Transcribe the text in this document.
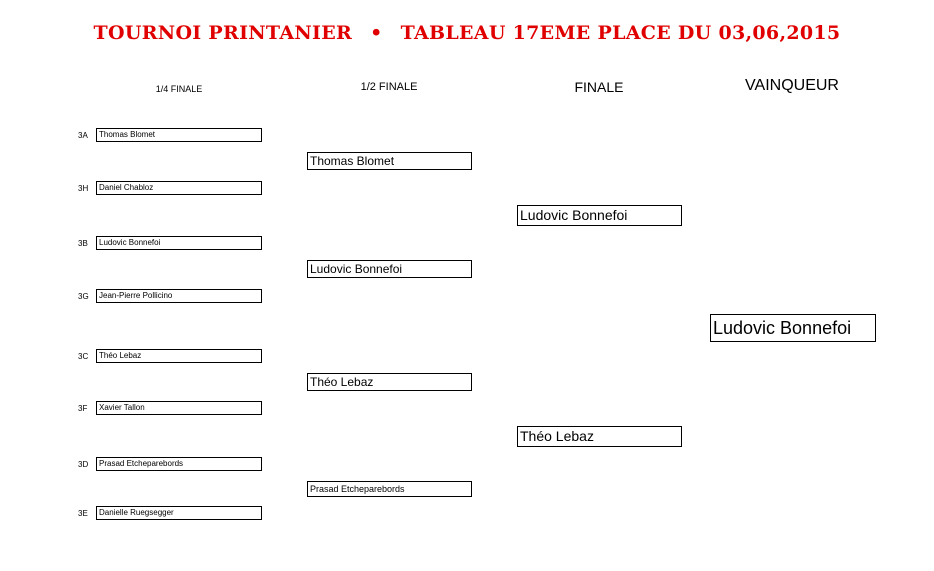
TOURNOI PRINTANIER • TABLEAU 17EME PLACE DU 03,06,2015
1/4 FINALE	1/2 FINALE	FINALE	VAINQUEUR
3A	Thomas Blomet
3H	Daniel Chabloz
3B	Ludovic Bonnefoi
3G	Jean-Pierre Pollicino
3C	Théo Lebaz
3F	Xavier Tallon
3D	Prasad Etcheparebords
3E	Danielle Ruegsegger
Thomas Blomet
Ludovic Bonnefoi
Théo Lebaz
Prasad Etcheparebords
Ludovic Bonnefoi
Théo Lebaz
Ludovic Bonnefoi
